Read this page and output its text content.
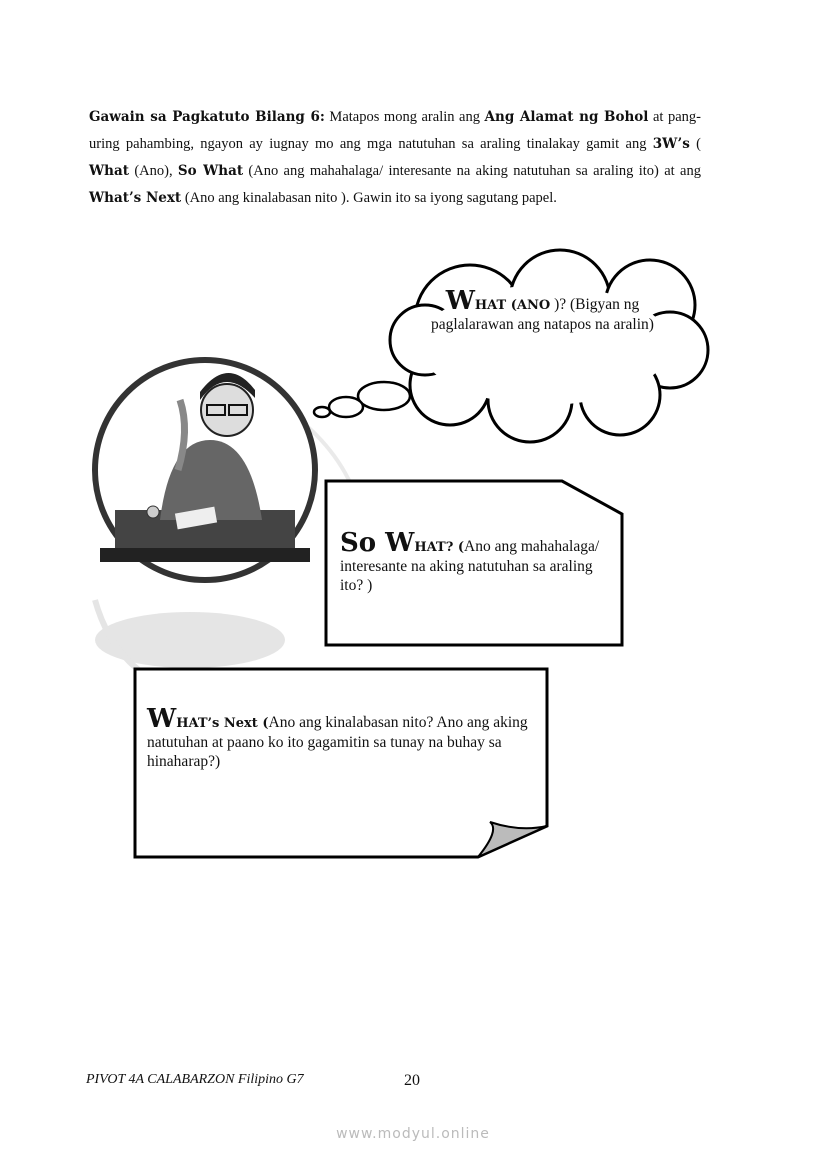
Gawain sa Pagkatuto Bilang 6: Matapos mong aralin ang Ang Alamat ng Bohol at pang-uring pahambing, ngayon ay iugnay mo ang mga natutuhan sa araling tinalakay gamit ang 3W’s ( What (Ano), So What (Ano ang mahahalaga/ interesante na aking natutuhan sa araling ito) at ang What’s Next (Ano ang kinalabasan nito ). Gawin ito sa iyong sagutang papel.
WHAT (ANO )? (Bigyan ng paglalarawan ang natapos na aralin)
So WHAT? (Ano ang mahahalaga/ interesante na aking natutuhan sa araling ito? )
WHAT’s Next (Ano ang kinalabasan nito? Ano ang aking natutuhan at paano ko ito gagamitin sa tunay na buhay sa
hinaharap?)
PIVOT 4A CALABARZON Filipino G7	20
www.modyul.online
